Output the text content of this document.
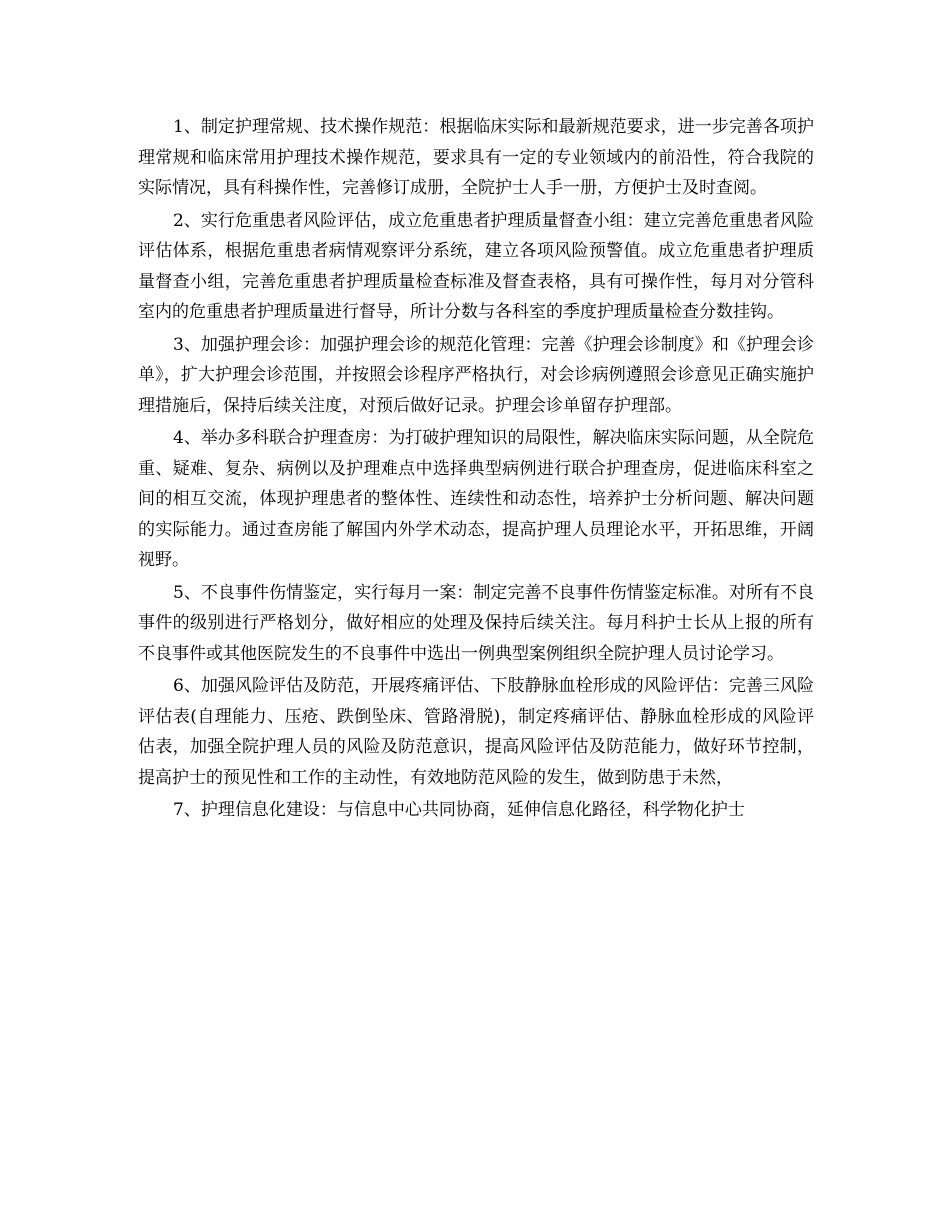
1、制定护理常规、技术操作规范：根据临床实际和最新规范要求，进一步完善各项护理常规和临床常用护理技术操作规范，要求具有一定的专业领域内的前沿性，符合我院的实际情况，具有科操作性，完善修订成册，全院护士人手一册，方便护士及时查阅。

2、实行危重患者风险评估，成立危重患者护理质量督查小组：建立完善危重患者风险评估体系，根据危重患者病情观察评分系统，建立各项风险预警值。成立危重患者护理质量督查小组，完善危重患者护理质量检查标准及督查表格，具有可操作性，每月对分管科室内的危重患者护理质量进行督导，所计分数与各科室的季度护理质量检查分数挂钩。

3、加强护理会诊：加强护理会诊的规范化管理：完善《护理会诊制度》和《护理会诊单》，扩大护理会诊范围，并按照会诊程序严格执行，对会诊病例遵照会诊意见正确实施护理措施后，保持后续关注度，对预后做好记录。护理会诊单留存护理部。

4、举办多科联合护理查房：为打破护理知识的局限性，解决临床实际问题，从全院危重、疑难、复杂、病例以及护理难点中选择典型病例进行联合护理查房，促进临床科室之间的相互交流，体现护理患者的整体性、连续性和动态性，培养护士分析问题、解决问题的实际能力。通过查房能了解国内外学术动态，提高护理人员理论水平，开拓思维，开阔视野。

5、不良事件伤情鉴定，实行每月一案：制定完善不良事件伤情鉴定标准。对所有不良事件的级别进行严格划分，做好相应的处理及保持后续关注。每月科护士长从上报的所有不良事件或其他医院发生的不良事件中选出一例典型案例组织全院护理人员讨论学习。

6、加强风险评估及防范，开展疼痛评估、下肢静脉血栓形成的风险评估：完善三风险评估表(自理能力、压疮、跌倒坠床、管路滑脱)，制定疼痛评估、静脉血栓形成的风险评估表，加强全院护理人员的风险及防范意识，提高风险评估及防范能力，做好环节控制，提高护士的预见性和工作的主动性，有效地防范风险的发生，做到防患于未然，

7、护理信息化建设：与信息中心共同协商，延伸信息化路径，科学物化护士
